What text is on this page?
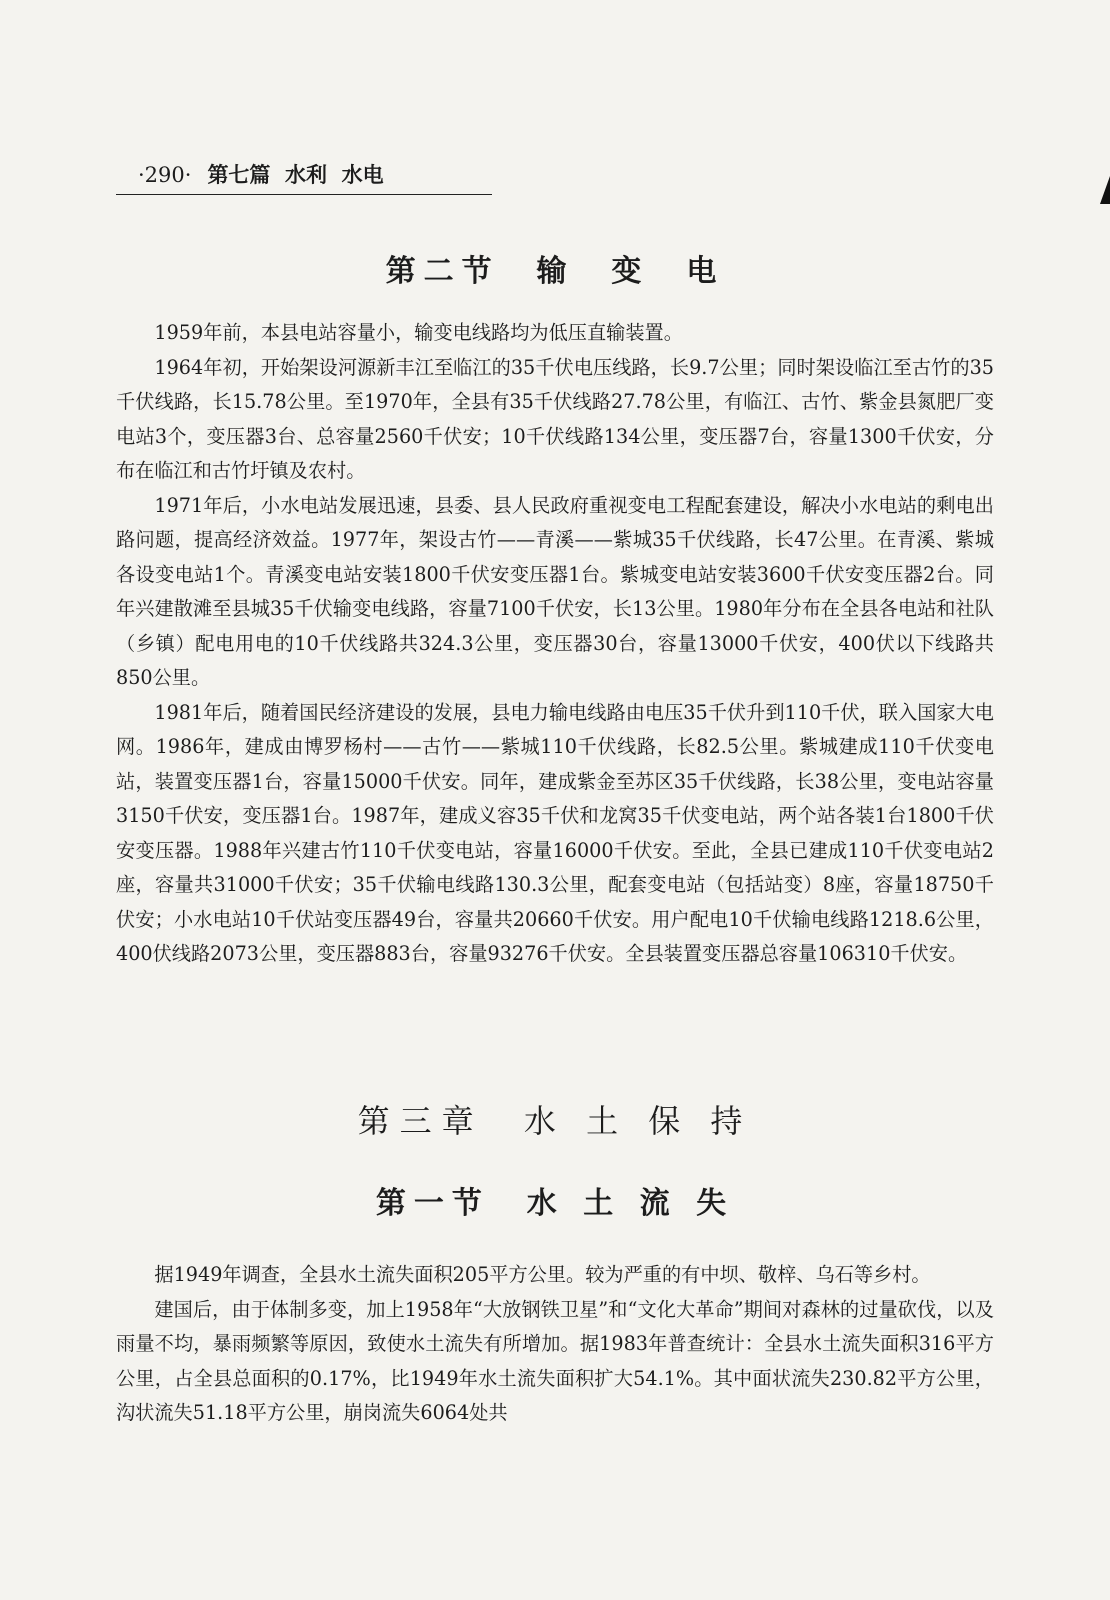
·290· 第七篇  水利  水电
第二节  输  变  电

1959年前，本县电站容量小，输变电线路均为低压直输装置。

1964年初，开始架设河源新丰江至临江的35千伏电压线路，长9.7公里；同时架设临江至古竹的35千伏线路，长15.78公里。至1970年，全县有35千伏线路27.78公里，有临江、古竹、紫金县氮肥厂变电站3个，变压器3台、总容量2560千伏安；10千伏线路134公里，变压器7台，容量1300千伏安，分布在临江和古竹圩镇及农村。

1971年后，小水电站发展迅速，县委、县人民政府重视变电工程配套建设，解决小水电站的剩电出路问题，提高经济效益。1977年，架设古竹——青溪——紫城35千伏线路，长47公里。在青溪、紫城各设变电站1个。青溪变电站安装1800千伏安变压器1台。紫城变电站安装3600千伏安变压器2台。同年兴建散滩至县城35千伏输变电线路，容量7100千伏安，长13公里。1980年分布在全县各电站和社队（乡镇）配电用电的10千伏线路共324.3公里，变压器30台，容量13000千伏安，400伏以下线路共850公里。

1981年后，随着国民经济建设的发展，县电力输电线路由电压35千伏升到110千伏，联入国家大电网。1986年，建成由博罗杨村——古竹——紫城110千伏线路，长82.5公里。紫城建成110千伏变电站，装置变压器1台，容量15000千伏安。同年，建成紫金至苏区35千伏线路，长38公里，变电站容量3150千伏安，变压器1台。1987年，建成义容35千伏和龙窝35千伏变电站，两个站各装1台1800千伏安变压器。1988年兴建古竹110千伏变电站，容量16000千伏安。至此，全县已建成110千伏变电站2座，容量共31000千伏安；35千伏输电线路130.3公里，配套变电站（包括站变）8座，容量18750千伏安；小水电站10千伏站变压器49台，容量共20660千伏安。用户配电10千伏输电线路1218.6公里，400伏线路2073公里，变压器883台，容量93276千伏安。全县装置变压器总容量106310千伏安。

第三章  水 土 保 持
第一节  水 土 流 失

据1949年调查，全县水土流失面积205平方公里。较为严重的有中坝、敬梓、乌石等乡村。

建国后，由于体制多变，加上1958年“大放钢铁卫星”和“文化大革命”期间对森林的过量砍伐，以及雨量不均，暴雨频繁等原因，致使水土流失有所增加。据1983年普查统计：全县水土流失面积316平方公里，占全县总面积的0.17%，比1949年水土流失面积扩大54.1%。其中面状流失230.82平方公里，沟状流失51.18平方公里，崩岗流失6064处共
